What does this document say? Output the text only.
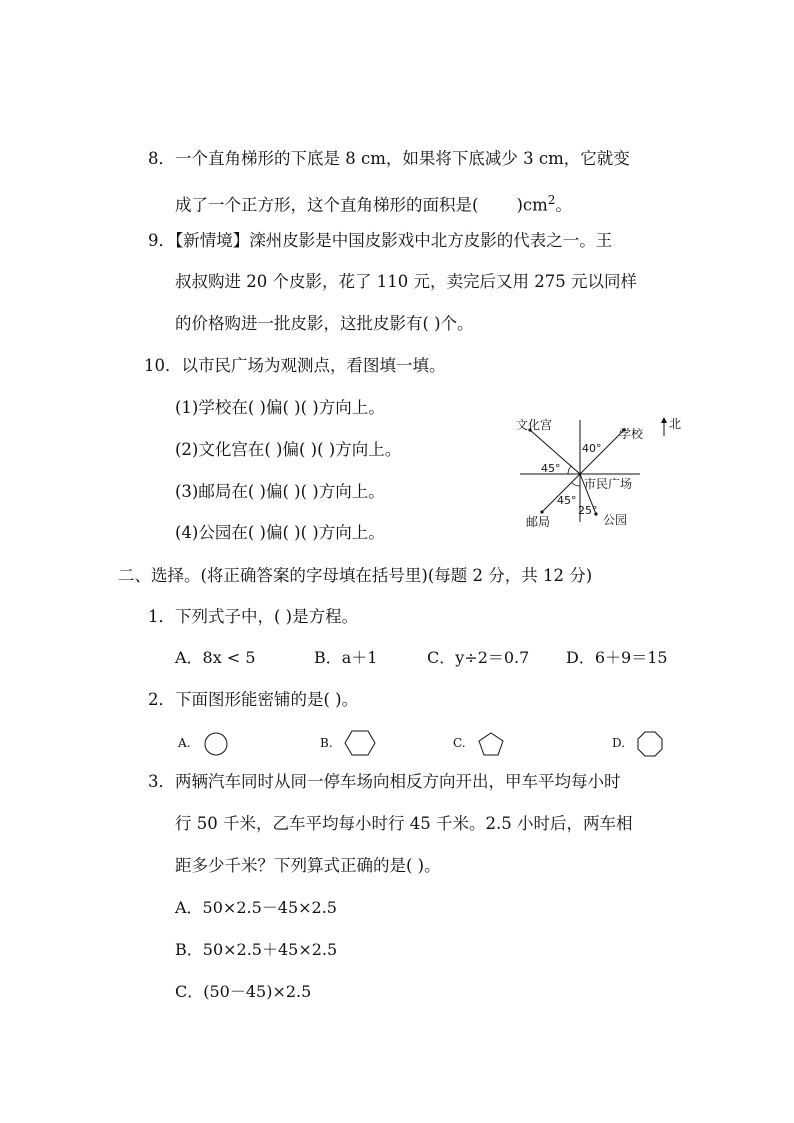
8．一个直角梯形的下底是 8 cm，如果将下底减少 3 cm，它就变
成了一个正方形，这个直角梯形的面积是( )$cm^2$。
9．【新情境】滦州皮影是中国皮影戏中北方皮影的代表之一。王
叔叔购进 20 个皮影，花了 110 元，卖完后又用 275 元以同样
的价格购进一批皮影，这批皮影有( )个。
10．以市民广场为观测点，看图填一填。
(1)学校在( )偏( )( )方向上。
(2)文化宫在( )偏( )( )方向上。
(3)邮局在( )偏( )( )方向上。
(4)公园在( )偏( )( )方向上。
文化宫
学校
北
40°
45°
市民广场
45°
25°
邮局	公园
二、选择。(将正确答案的字母填在括号里)(每题 2 分，共 12 分)
1．下列式子中，( )是方程。
A．8x < 5	B．a＋1	C．y÷2＝0.7 D．6＋9＝15
2．下面图形能密铺的是( )。
A.	B.	C.	D.
3．两辆汽车同时从同一停车场向相反方向开出，甲车平均每小时
行 50 千米，乙车平均每小时行 45 千米。2.5 小时后，两车相
距多少千米？下列算式正确的是( )。
A．50×2.5－45×2.5
B．50×2.5＋45×2.5
C．(50－45)×2.5
